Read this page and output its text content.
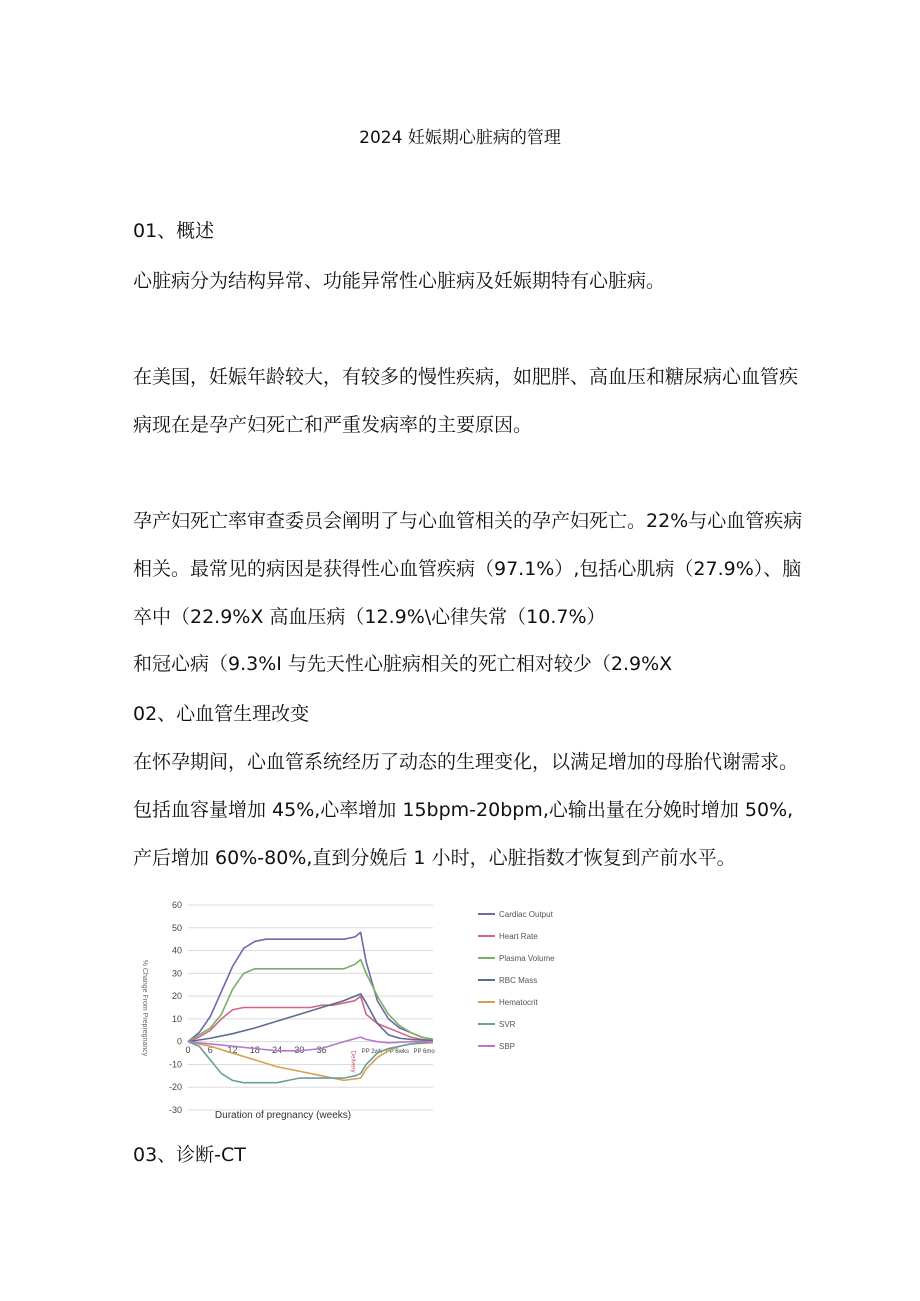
2024 妊娠期心脏病的管理
01、概述
心脏病分为结构异常、功能异常性心脏病及妊娠期特有心脏病。
在美国，妊娠年龄较大，有较多的慢性疾病，如肥胖、高血压和糖尿病心血管疾
病现在是孕产妇死亡和严重发病率的主要原因。
孕产妇死亡率审查委员会阐明了与心血管相关的孕产妇死亡。22%与心血管疾病
相关。最常见的病因是获得性心血管疾病（97.1%）,包括心肌病（27.9%）、脑
卒中（22.9%X 高血压病（12.9%\心律失常（10.7%）
和冠心病（9.3%I 与先天性心脏病相关的死亡相对较少（2.9%X
02、心血管生理改变
在怀孕期间，心血管系统经历了动态的生理变化，以满足增加的母胎代谢需求。
包括血容量增加 45%,心率增加 15bpm-20bpm,心输出量在分娩时增加 50%,
产后增加 60%-80%,直到分娩后 1 小时，心脏指数才恢复到产前水平。
% Change From Prepregnancy
60
50
40
30
20
10
0
-10
-20
-30
0 6 12 18 24 30 36
Delivery PP 2wk PP 6wks PP 6mo
Cardiac Output
Heart Rate
Plasma Volume
RBC Mass
Hematocrit
SVR
SBP
Duration of pregnancy (weeks)
03、诊断-CT
